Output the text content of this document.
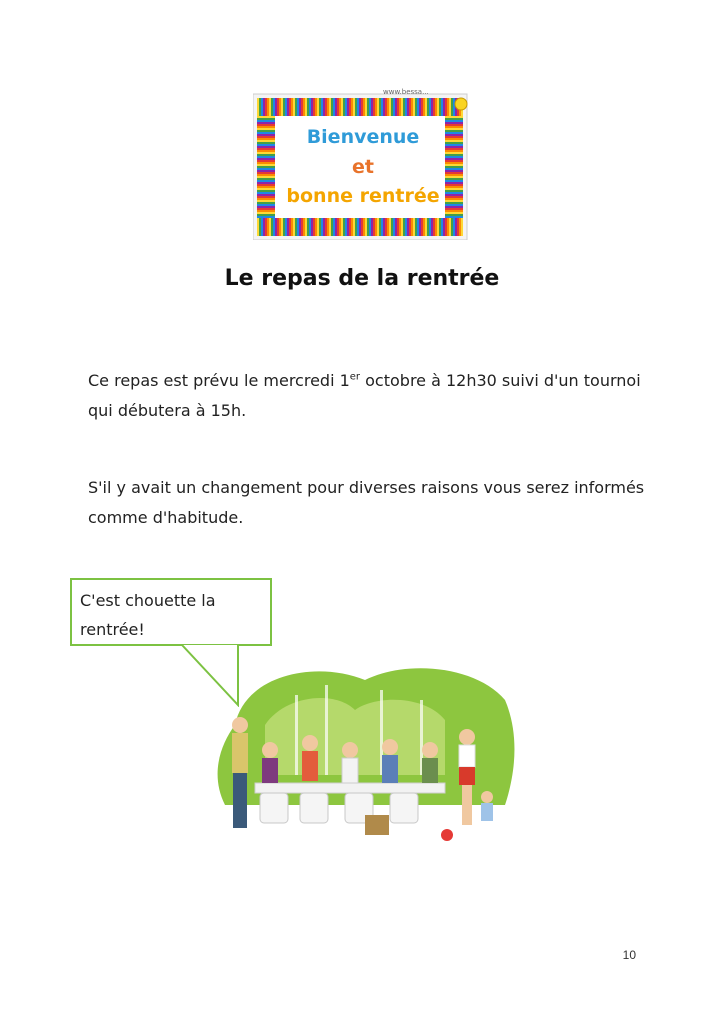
www.bessa...
Bienvenue
et
bonne rentrée
Le repas de la rentrée
Ce repas est prévu le mercredi 1er octobre à 12h30 suivi d'un tournoi qui débutera à 15h.
S'il y avait un changement pour diverses raisons vous serez informés comme d'habitude.
C'est chouette la rentrée!
10
